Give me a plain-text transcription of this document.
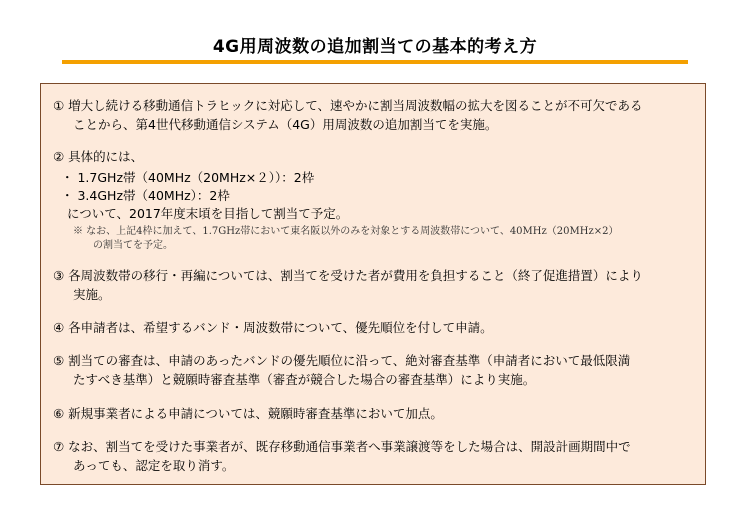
4G用周波数の追加割当ての基本的考え方
① 増大し続ける移動通信トラヒックに対応して、速やかに割当周波数幅の拡大を図ることが不可欠である
ことから、第4世代移動通信システム（4G）用周波数の追加割当てを実施。
② 具体的には、
・ 1.7GHz帯（40MHz（20MHz×２））：2枠
・ 3.4GHz帯（40MHz）：2枠
について、2017年度末頃を目指して割当て予定。
※ なお、上記4枠に加えて、1.7GHz帯において東名阪以外のみを対象とする周波数帯について、40MHz（20MHz×2）
の割当てを予定。
③ 各周波数帯の移行・再編については、割当てを受けた者が費用を負担すること（終了促進措置）により
実施。
④ 各申請者は、希望するバンド・周波数帯について、優先順位を付して申請。
⑤ 割当ての審査は、申請のあったバンドの優先順位に沿って、絶対審査基準（申請者において最低限満
たすべき基準）と競願時審査基準（審査が競合した場合の審査基準）により実施。
⑥ 新規事業者による申請については、競願時審査基準において加点。
⑦ なお、割当てを受けた事業者が、既存移動通信事業者へ事業譲渡等をした場合は、開設計画期間中で
あっても、認定を取り消す。
